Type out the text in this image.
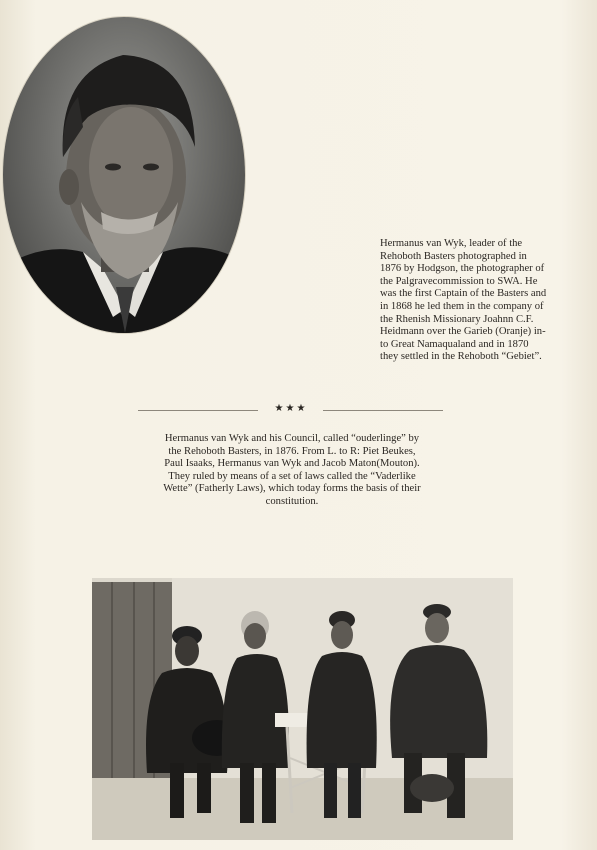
Hermanus van Wyk, leader of the
Rehoboth Basters photographed in
1876 by Hodgson, the photographer of
the Palgravecommission to SWA. He
was the first Captain of the Basters and
in 1868 he led them in the company of
the Rhenish Missionary Joahnn C.F.
Heidmann over the Garieb (Oranje) in-
to Great Namaqualand and in 1870
they settled in the Rehoboth “Gebiet”.
★★★
Hermanus van Wyk and his Council, called “ouderlinge” by
the Rehoboth Basters, in 1876. From L. to R: Piet Beukes,
Paul Isaaks, Hermanus van Wyk and Jacob Maton(Mouton).
They ruled by means of a set of laws called the “Vaderlike
Wette” (Fatherly Laws), which today forms the basis of their
constitution.
